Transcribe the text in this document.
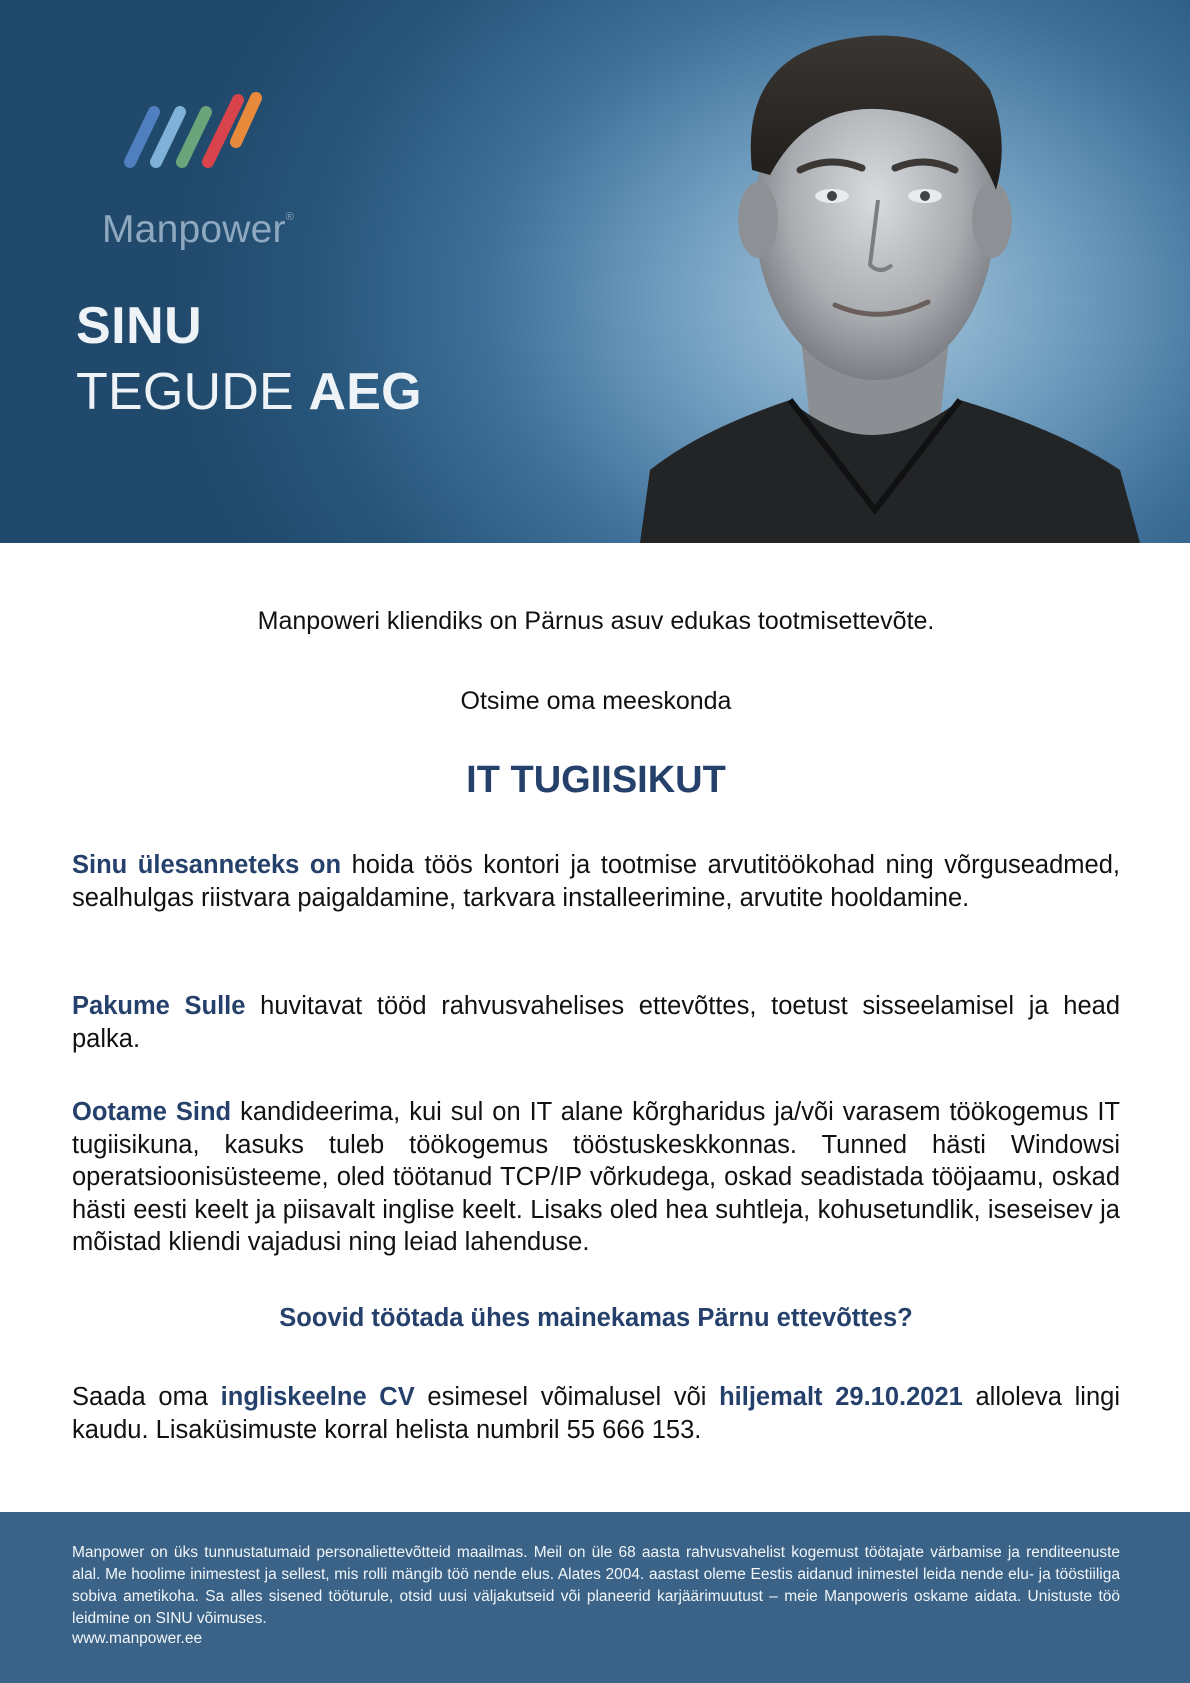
Manpower®
SINU
TEGUDE AEG
Manpoweri kliendiks on Pärnus asuv edukas tootmisettevõte.
Otsime oma meeskonda
IT TUGIISIKUT
Sinu ülesanneteks on hoida töös kontori ja tootmise arvutitöökohad ning võrguseadmed, sealhulgas riistvara paigaldamine, tarkvara installeerimine, arvutite hooldamine.
Pakume Sulle huvitavat tööd rahvusvahelises ettevõttes, toetust sisseelamisel ja head palka.
Ootame Sind kandideerima, kui sul on IT alane kõrgharidus ja/või varasem töökogemus IT tugiisikuna, kasuks tuleb töökogemus tööstuskeskkonnas. Tunned hästi Windowsi operatsioonisüsteeme, oled töötanud TCP/IP võrkudega, oskad seadistada tööjaamu, oskad hästi eesti keelt ja piisavalt inglise keelt. Lisaks oled hea suhtleja, kohusetundlik, iseseisev ja mõistad kliendi vajadusi ning leiad lahenduse.
Soovid töötada ühes mainekamas Pärnu ettevõttes?
Saada oma ingliskeelne CV esimesel võimalusel või hiljemalt 29.10.2021 alloleva lingi kaudu. Lisaküsimuste korral helista numbril 55 666 153.
Manpower on üks tunnustatumaid personaliettevõtteid maailmas. Meil on üle 68 aasta rahvusvahelist kogemust töötajate värbamise ja renditeenuste alal. Me hoolime inimestest ja sellest, mis rolli mängib töö nende elus. Alates 2004. aastast oleme Eestis aidanud inimestel leida nende elu- ja tööstiiliga sobiva ametikoha. Sa alles sisened tööturule, otsid uusi väljakutseid või planeerid karjäärimuutust – meie Manpoweris oskame aidata. Unistuste töö leidmine on SINU võimuses.
www.manpower.ee
